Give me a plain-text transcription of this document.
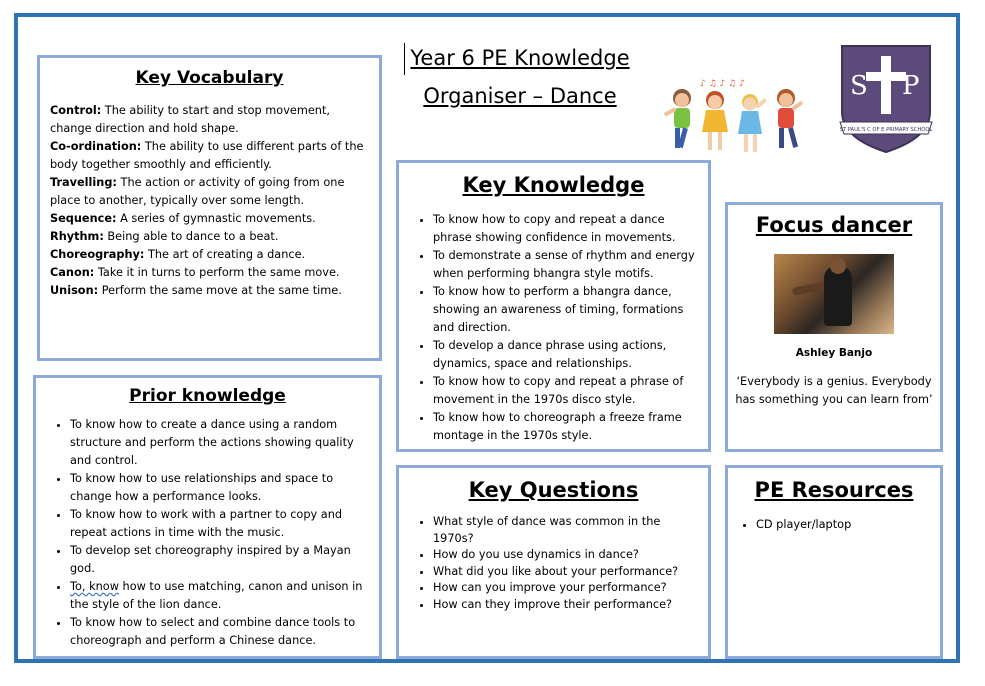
Year 6 PE Knowledge
Organiser – Dance	♪ ♫ ♪ ♫ ♪	S P
ST PAUL'S C OF E PRIMARY SCHOOL
Key Vocabulary

Control: The ability to start and stop movement, change direction and hold shape.

Co-ordination: The ability to use different parts of the body together smoothly and efficiently.

Travelling: The action or activity of going from one place to another, typically over some length.

Sequence: A series of gymnastic movements.

Rhythm: Being able to dance to a beat.

Choreography: The art of creating a dance.

Canon: Take it in turns to perform the same move.

Unison: Perform the same move at the same time.

Prior knowledge
• To know how to create a dance using a random structure and perform the actions showing quality and control.
• To know how to use relationships and space to change how a performance looks.
• To know how to work with a partner to copy and repeat actions in time with the music.
• To develop set choreography inspired by a Mayan god.
• To, know how to use matching, canon and unison in the style of the lion dance.
• To know how to select and combine dance tools to choreograph and perform a Chinese dance.
Key Knowledge
• To know how to copy and repeat a dance phrase showing confidence in movements.
• To demonstrate a sense of rhythm and energy when performing bhangra style motifs.
• To know how to perform a bhangra dance, showing an awareness of timing, formations and direction.
• To develop a dance phrase using actions, dynamics, space and relationships.
• To know how to copy and repeat a phrase of movement in the 1970s disco style.
• To know how to choreograph a freeze frame montage in the 1970s style.
Focus dancer
Ashley Banjo
‘Everybody is a genius. Everybody has something you can learn from’
Key Questions
• What style of dance was common in the 1970s?
• How do you use dynamics in dance?
• What did you like about your performance?
• How can you improve your performance?
• How can they improve their performance?
PE Resources
• CD player/laptop
